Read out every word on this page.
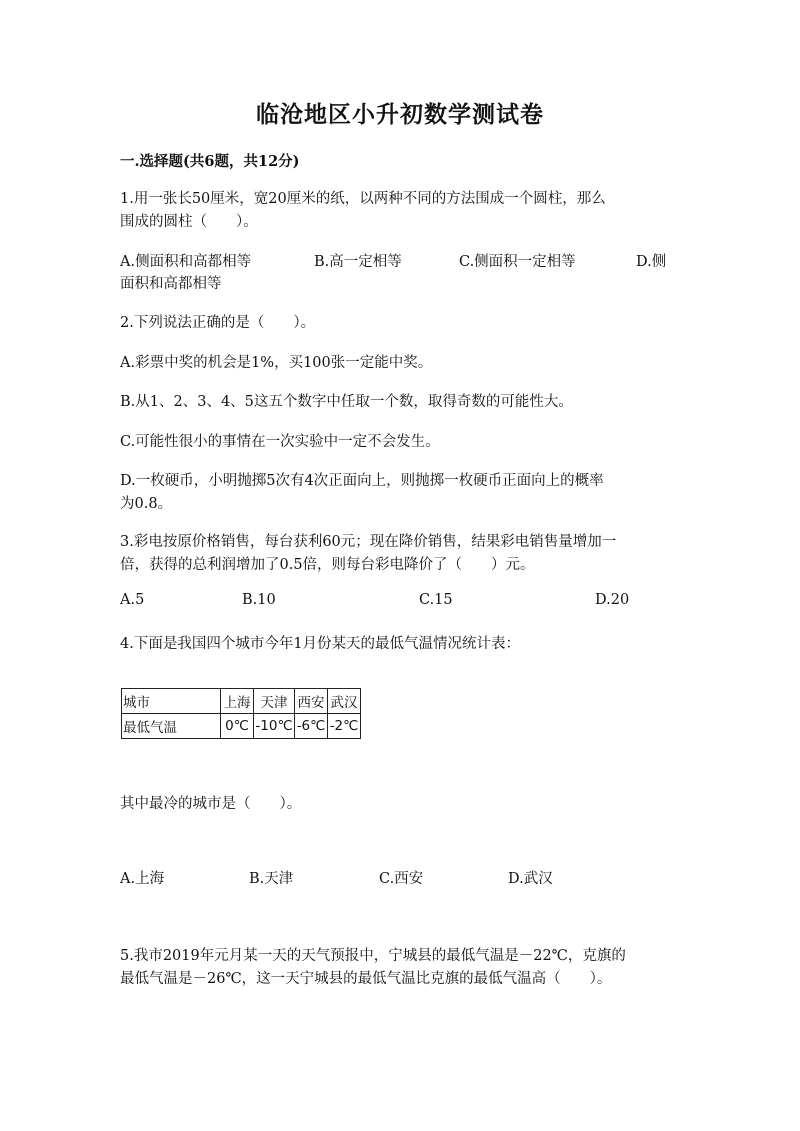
临沧地区小升初数学测试卷
一.选择题(共6题，共12分)
1.用一张长50厘米，宽20厘米的纸，以两种不同的方法围成一个圆柱，那么
围成的圆柱（　　）。
A.侧面积和高都相等	B.高一定相等	C.侧面积一定相等	D.侧
面积和高都相等
2.下列说法正确的是（　　）。
A.彩票中奖的机会是1%，买100张一定能中奖。
B.从1、2、3、4、5这五个数字中任取一个数，取得奇数的可能性大。
C.可能性很小的事情在一次实验中一定不会发生。
D.一枚硬币，小明抛掷5次有4次正面向上，则抛掷一枚硬币正面向上的概率
为0.8。
3.彩电按原价格销售，每台获利60元；现在降价销售，结果彩电销售量增加一
倍，获得的总利润增加了0.5倍，则每台彩电降价了（　　）元。
A.5	B.10	C.15	D.20
4.下面是我国四个城市今年1月份某天的最低气温情况统计表：
城市	上海	天津	西安	武汉
最低气温	0℃	-10℃	-6℃	-2℃
其中最冷的城市是（　　）。
A.上海	B.天津	C.西安	D.武汉
5.我市2019年元月某一天的天气预报中，宁城县的最低气温是－22℃，克旗的
最低气温是－26℃，这一天宁城县的最低气温比克旗的最低气温高（　　）。
